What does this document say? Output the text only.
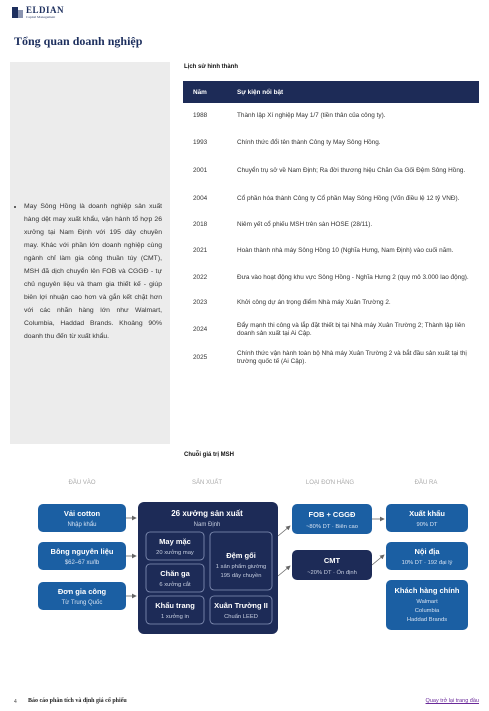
ELDIAN
Capital Management
Tổng quan doanh nghiệp
• May Sông Hồng là doanh nghiệp sản xuất hàng dệt may xuất khẩu, vận hành tổ hợp 26 xưởng tại Nam Định với 195 dây chuyền may. Khác với phần lớn doanh nghiệp cùng ngành chỉ làm gia công thuần túy (CMT), MSH đã dịch chuyển lên FOB và CGGĐ - tự chủ nguyên liệu và tham gia thiết kế - giúp biên lợi nhuận cao hơn và gắn kết chặt hơn với các nhãn hàng lớn như Walmart, Columbia, Haddad Brands. Khoảng 90% doanh thu đến từ xuất khẩu.
Lịch sử hình thành
Năm	Sự kiện nổi bật
1988	Thành lập Xí nghiệp May 1/7 (tiền thân của công ty).
1993	Chính thức đổi tên thành Công ty May Sông Hồng.
2001	Chuyển trụ sở về Nam Định; Ra đời thương hiệu Chăn Ga Gối Đệm Sông Hồng.
2004	Cổ phần hóa thành Công ty Cổ phần May Sông Hồng (Vốn điều lệ 12 tỷ VNĐ).
2018	Niêm yết cổ phiếu MSH trên sàn HOSE (28/11).
2021	Hoàn thành nhà máy Sông Hồng 10 (Nghĩa Hưng, Nam Định) vào cuối năm.
2022	Đưa vào hoạt động khu vực Sông Hồng - Nghĩa Hưng 2 (quy mô 3.000 lao động).
2023	Khởi công dự án trọng điểm Nhà máy Xuân Trường 2.
2024	Đẩy mạnh thi công và lắp đặt thiết bị tại Nhà máy Xuân Trường 2; Thành lập liên doanh sản xuất tại Ai Cập.
2025	Chính thức vận hành toàn bộ Nhà máy Xuân Trường 2 và bắt đầu sản xuất tại thị trường quốc tế (Ai Cập).
Chuỗi giá trị MSH
ĐẦU VÀO	SẢN XUẤT	LOẠI ĐƠN HÀNG	ĐẦU RA
Vải cotton
Nhập khẩu
Bông nguyên liệu
$62–67 xu/lb
Đơn gia công
Từ Trung Quốc
26 xưởng sản xuất
Nam Định
May mặc
20 xưởng may
Chăn ga
6 xưởng cắt
Khẩu trang
1 xưởng in
Đệm gối
1 sản phẩm giường
195 dây chuyền
Xuân Trường II
Chuẩn LEED
FOB + CGGĐ
~80% DT · Biên cao
CMT
~20% DT · Ổn định
Xuất khẩu
90% DT
Nội địa
10% DT · 192 đại lý
Khách hàng chính
Walmart
Columbia
Haddad Brands
4 Báo cáo phân tích và định giá cổ phiếu	Quay trở lại trang đầu
